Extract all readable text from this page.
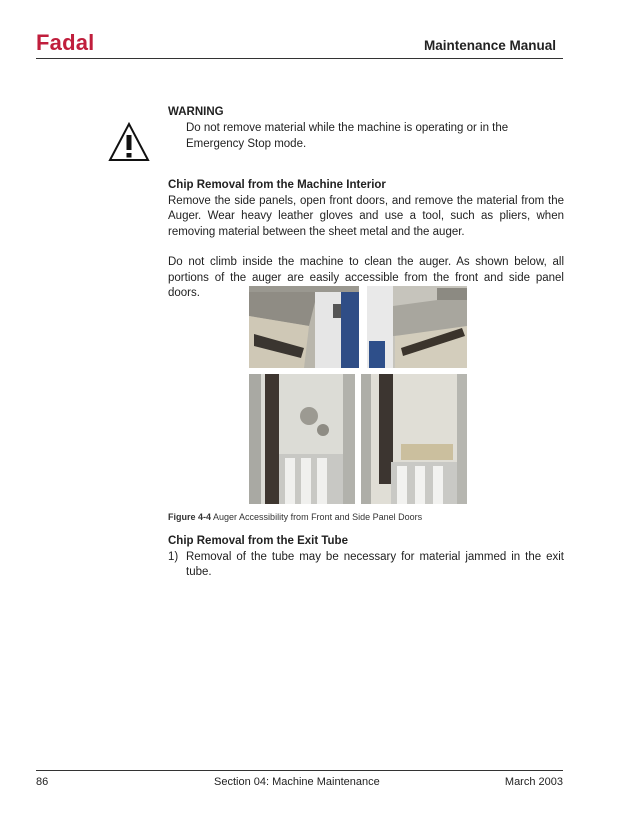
Fadal	Maintenance Manual
WARNING
Do not remove material while the machine is operating or in the Emergency Stop mode.
Chip Removal from the Machine Interior

Remove the side panels, open front doors, and remove the material from the Auger. Wear heavy leather gloves and use a tool, such as pliers, when removing material between the sheet metal and the auger.

Do not climb inside the machine to clean the auger. As shown below, all portions of the auger are easily accessible from the front and side panel doors.

Figure 4-4 Auger Accessibility from Front and Side Panel Doors
Chip Removal from the Exit Tube
1) Removal of the tube may be necessary for material jammed in the exit tube.
86	Section 04: Machine Maintenance	March 2003
